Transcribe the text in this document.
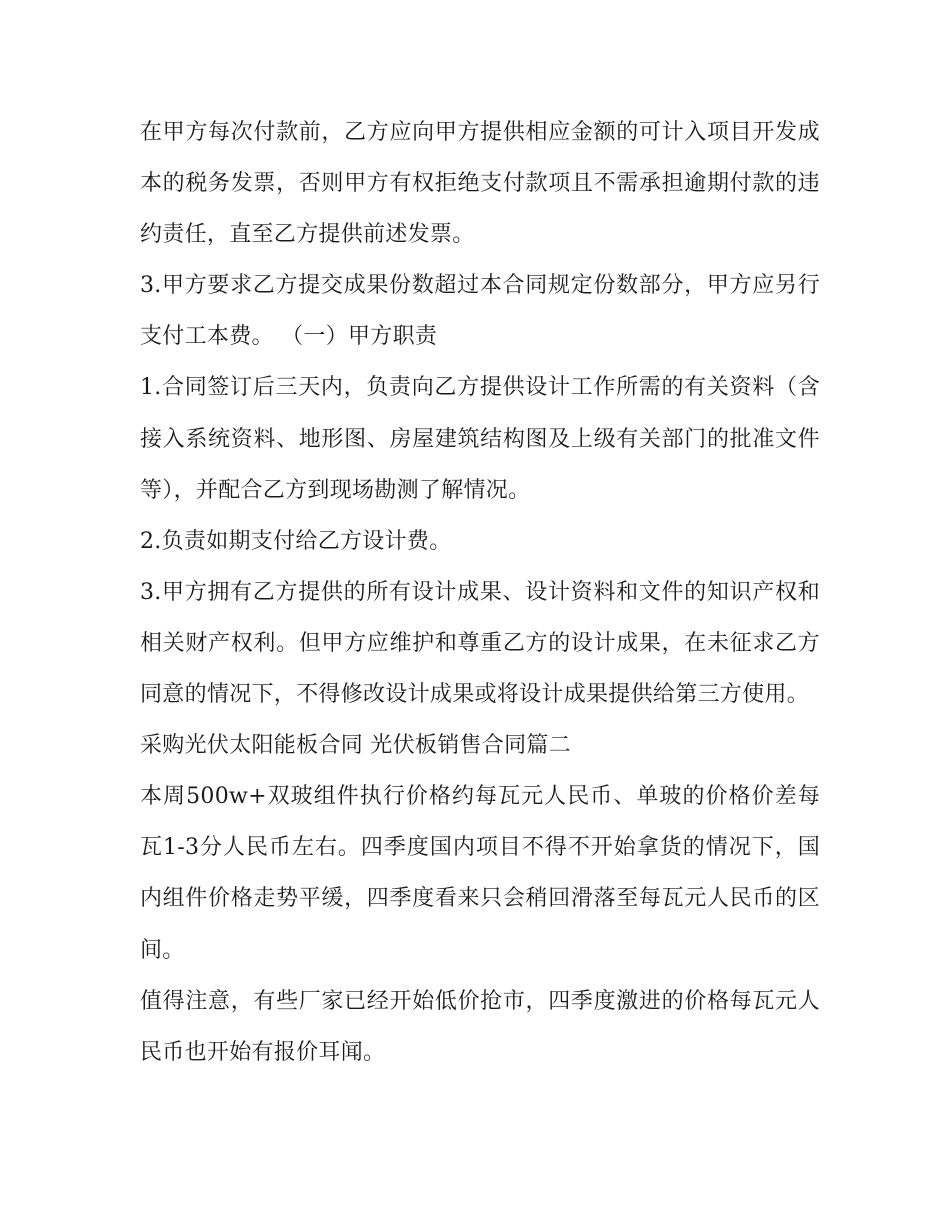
在甲方每次付款前，乙方应向甲方提供相应金额的可计入项目开发成本的税务发票，否则甲方有权拒绝支付款项且不需承担逾期付款的违约责任，直至乙方提供前述发票。

3.甲方要求乙方提交成果份数超过本合同规定份数部分，甲方应另行支付工本费。 （一）甲方职责

1.合同签订后三天内，负责向乙方提供设计工作所需的有关资料（含接入系统资料、地形图、房屋建筑结构图及上级有关部门的批准文件等），并配合乙方到现场勘测了解情况。

2.负责如期支付给乙方设计费。

3.甲方拥有乙方提供的所有设计成果、设计资料和文件的知识产权和相关财产权利。但甲方应维护和尊重乙方的设计成果，在未征求乙方同意的情况下，不得修改设计成果或将设计成果提供给第三方使用。

采购光伏太阳能板合同 光伏板销售合同篇二

本周500w+双玻组件执行价格约每瓦元人民币、单玻的价格价差每瓦1-3分人民币左右。四季度国内项目不得不开始拿货的情况下，国内组件价格走势平缓，四季度看来只会稍回滑落至每瓦元人民币的区间。

值得注意，有些厂家已经开始低价抢市，四季度激进的价格每瓦元人民币也开始有报价耳闻。
